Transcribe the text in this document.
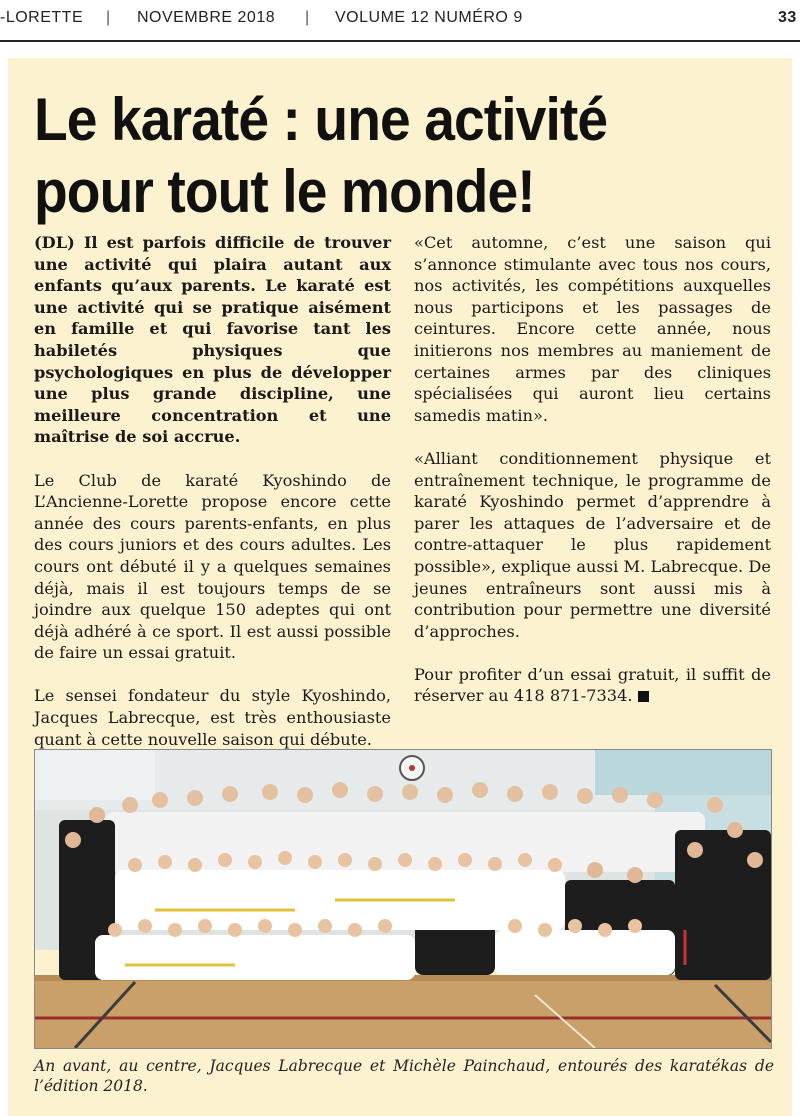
-LORETTE | NOVEMBRE 2018 | VOLUME 12 NUMÉRO 9	33
Le karaté : une activité pour tout le monde!

(DL) Il est parfois difficile de trouver une activité qui plaira autant aux enfants qu’aux parents. Le karaté est une activité qui se pratique aisément en famille et qui favorise tant les habiletés physiques que psychologiques en plus de développer une plus grande discipline, une meilleure concentration et une maîtrise de soi accrue.

Le Club de karaté Kyoshindo de L’Ancienne-Lorette propose encore cette année des cours parents-enfants, en plus des cours juniors et des cours adultes. Les cours ont débuté il y a quelques semaines déjà, mais il est toujours temps de se joindre aux quelque 150 adeptes qui ont déjà adhéré à ce sport. Il est aussi possible de faire un essai gratuit.

Le sensei fondateur du style Kyoshindo, Jacques Labrecque, est très enthousiaste quant à cette nouvelle saison qui débute.

«Cet automne, c’est une saison qui s’annonce stimulante avec tous nos cours, nos activités, les compétitions auxquelles nous participons et les passages de ceintures. Encore cette année, nous initierons nos membres au maniement de certaines armes par des cliniques spécialisées qui auront lieu certains samedis matin».

«Alliant conditionnement physique et entraînement technique, le programme de karaté Kyoshindo permet d’apprendre à parer les attaques de l’adversaire et de contre-attaquer le plus rapidement possible», explique aussi M. Labrecque. De jeunes entraîneurs sont aussi mis à contribution pour permettre une diversité d’approches.

Pour profiter d’un essai gratuit, il suffit de réserver au 418 871-7334.

An avant, au centre, Jacques Labrecque et Michèle Painchaud, entourés des karatékas de l’édition 2018.
